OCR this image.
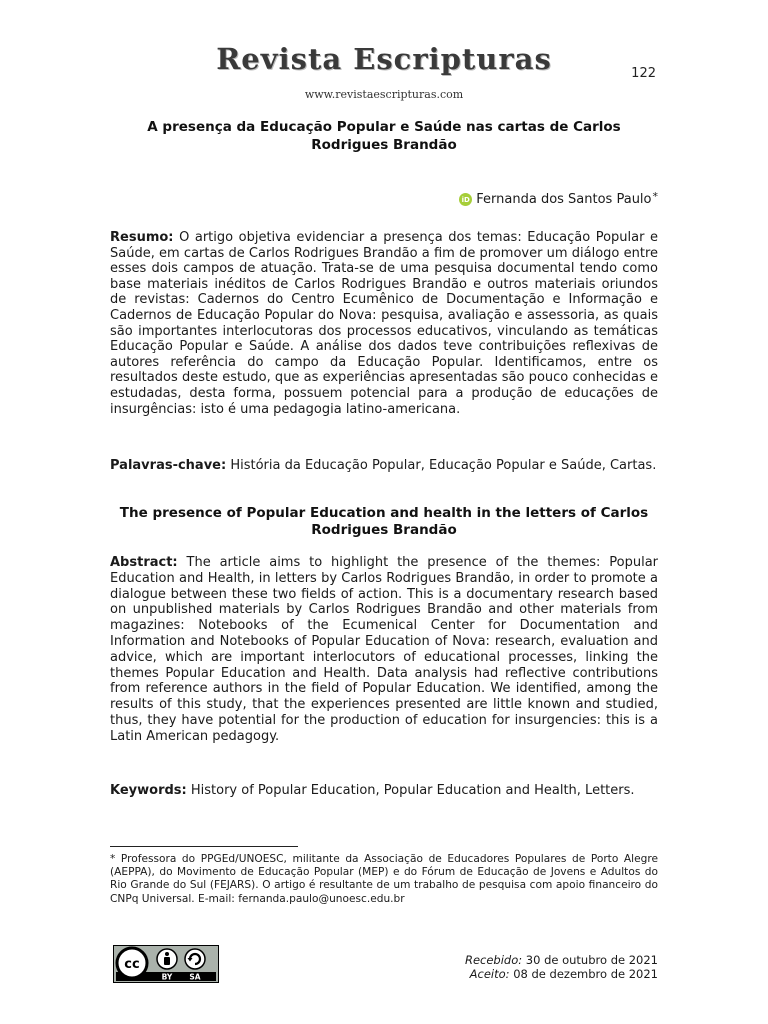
Revista Escripturas
www.revistaescripturas.com
122
A presença da Educação Popular e Saúde nas cartas de Carlos Rodrigues Brandão
iD Fernanda dos Santos Paulo*
Resumo: O artigo objetiva evidenciar a presença dos temas: Educação Popular e Saúde, em cartas de Carlos Rodrigues Brandão a fim de promover um diálogo entre esses dois campos de atuação. Trata-se de uma pesquisa documental tendo como base materiais inéditos de Carlos Rodrigues Brandão e outros materiais oriundos de revistas: Cadernos do Centro Ecumênico de Documentação e Informação e Cadernos de Educação Popular do Nova: pesquisa, avaliação e assessoria, as quais são importantes interlocutoras dos processos educativos, vinculando as temáticas Educação Popular e Saúde. A análise dos dados teve contribuições reflexivas de autores referência do campo da Educação Popular. Identificamos, entre os resultados deste estudo, que as experiências apresentadas são pouco conhecidas e estudadas, desta forma, possuem potencial para a produção de educações de insurgências: isto é uma pedagogia latino-americana.
Palavras-chave: História da Educação Popular, Educação Popular e Saúde, Cartas.
The presence of Popular Education and health in the letters of Carlos Rodrigues Brandão
Abstract: The article aims to highlight the presence of the themes: Popular Education and Health, in letters by Carlos Rodrigues Brandão, in order to promote a dialogue between these two fields of action. This is a documentary research based on unpublished materials by Carlos Rodrigues Brandão and other materials from magazines: Notebooks of the Ecumenical Center for Documentation and Information and Notebooks of Popular Education of Nova: research, evaluation and advice, which are important interlocutors of educational processes, linking the themes Popular Education and Health. Data analysis had reflective contributions from reference authors in the field of Popular Education. We identified, among the results of this study, that the experiences presented are little known and studied, thus, they have potential for the production of education for insurgencies: this is a Latin American pedagogy.
Keywords: History of Popular Education, Popular Education and Health, Letters.
* Professora do PPGEd/UNOESC, militante da Associação de Educadores Populares de Porto Alegre (AEPPA), do Movimento de Educação Popular (MEP) e do Fórum de Educação de Jovens e Adultos do Rio Grande do Sul (FEJARS). O artigo é resultante de um trabalho de pesquisa com apoio financeiro do CNPq Universal. E-mail: fernanda.paulo@unoesc.edu.br
cc
BY SA
Recebido: 30 de outubro de 2021
Aceito: 08 de dezembro de 2021
